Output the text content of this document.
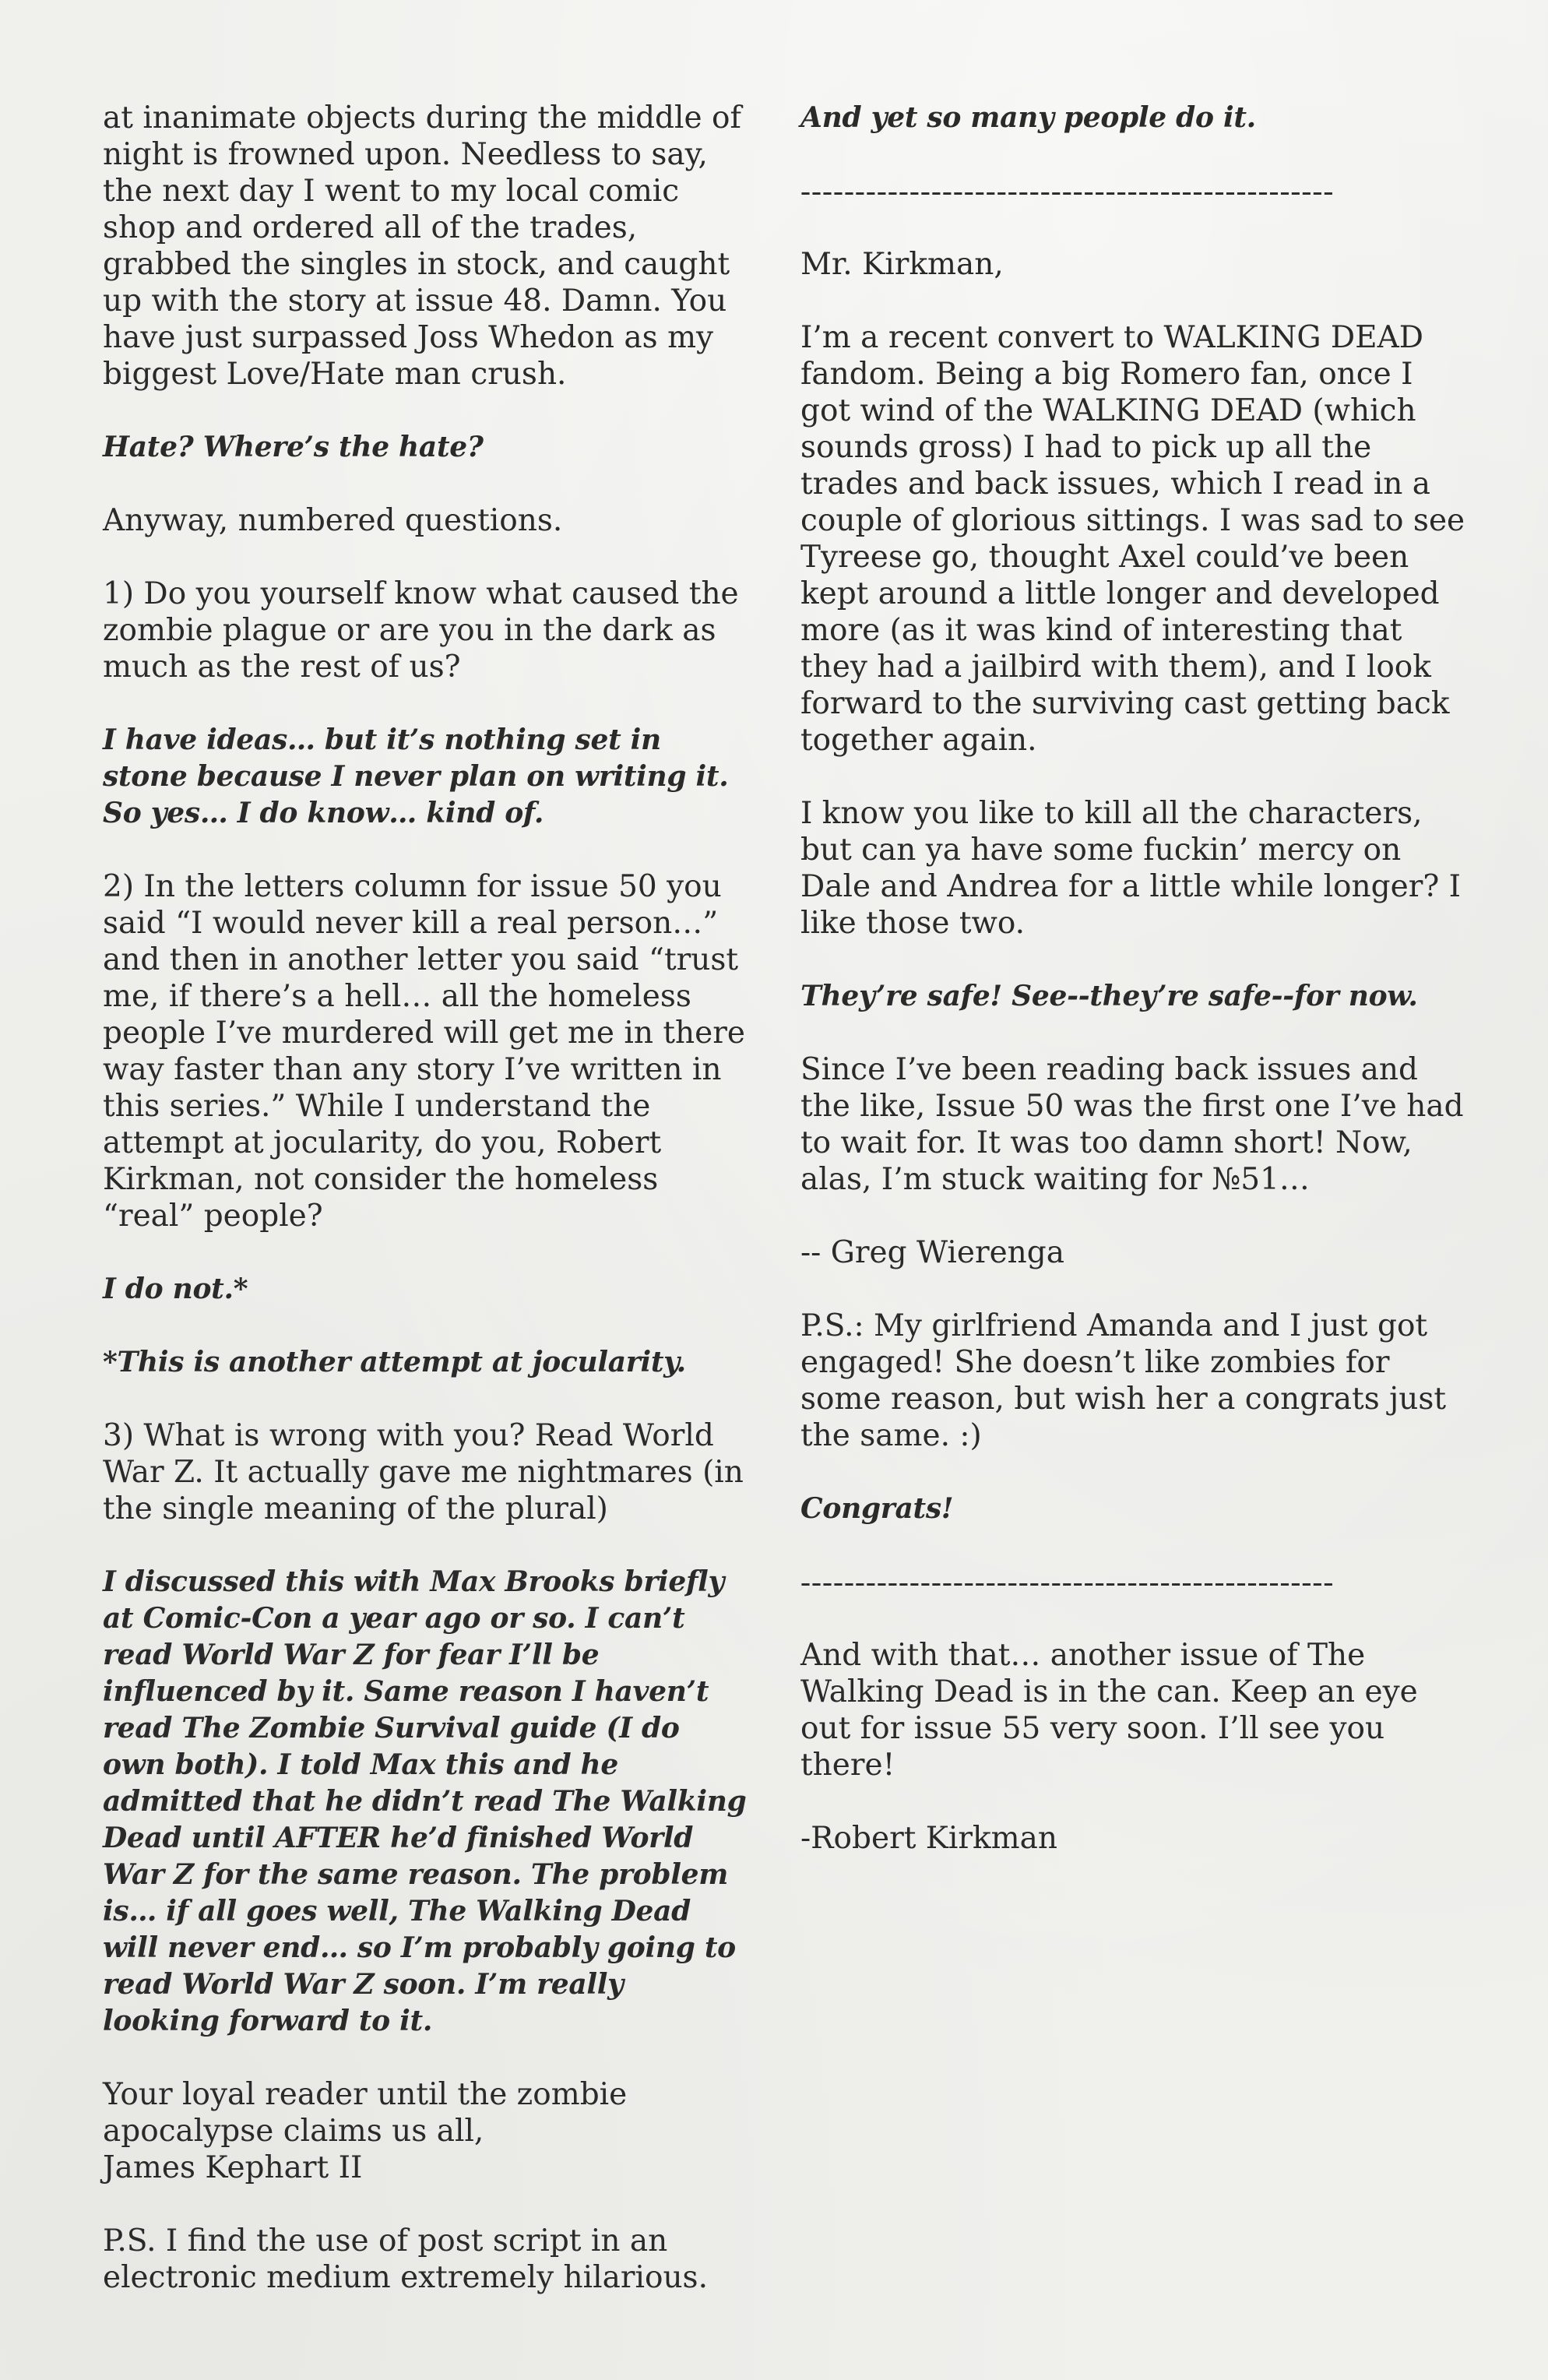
at inanimate objects during the middle of night is frowned upon. Needless to say, the next day I went to my local comic shop and ordered all of the trades, grabbed the singles in stock, and caught up with the story at issue 48. Damn. You have just surpassed Joss Whedon as my biggest Love/Hate man crush.
Hate? Where’s the hate?
Anyway, numbered questions.
1) Do you yourself know what caused the zombie plague or are you in the dark as much as the rest of us?
I have ideas… but it’s nothing set in stone because I never plan on writing it. So yes… I do know… kind of.
2) In the letters column for issue 50 you said “I would never kill a real person…” and then in another letter you said “trust me, if there’s a hell… all the homeless people I’ve murdered will get me in there way faster than any story I’ve written in this series.” While I understand the attempt at jocularity, do you, Robert Kirkman, not consider the homeless “real” people?
I do not.*
*This is another attempt at jocularity.
3) What is wrong with you? Read World War Z. It actually gave me nightmares (in the single meaning of the plural)
I discussed this with Max Brooks briefly at Comic-Con a year ago or so. I can’t read World War Z for fear I’ll be influenced by it. Same reason I haven’t read The Zombie Survival guide (I do own both). I told Max this and he admitted that he didn’t read The Walking Dead until AFTER he’d finished World War Z for the same reason. The problem is… if all goes well, The Walking Dead will never end… so I’m probably going to read World War Z soon. I’m really looking forward to it.
Your loyal reader until the zombie apocalypse claims us all,
James Kephart II
P.S. I find the use of post script in an electronic medium extremely hilarious.
And yet so many people do it.
-------------------------------------------------
Mr. Kirkman,
I’m a recent convert to WALKING DEAD fandom. Being a big Romero fan, once I got wind of the WALKING DEAD (which sounds gross) I had to pick up all the trades and back issues, which I read in a couple of glorious sittings. I was sad to see Tyreese go, thought Axel could’ve been kept around a little longer and developed more (as it was kind of interesting that they had a jailbird with them), and I look forward to the surviving cast getting back together again.
I know you like to kill all the characters, but can ya have some fuckin’ mercy on Dale and Andrea for a little while longer? I like those two.
They’re safe! See--they’re safe--for now.
Since I’ve been reading back issues and the like, Issue 50 was the first one I’ve had to wait for. It was too damn short! Now, alas, I’m stuck waiting for №51…
-- Greg Wierenga
P.S.: My girlfriend Amanda and I just got engaged! She doesn’t like zombies for some reason, but wish her a congrats just the same. :)
Congrats!
-------------------------------------------------
And with that… another issue of The Walking Dead is in the can. Keep an eye out for issue 55 very soon. I’ll see you there!
-Robert Kirkman
